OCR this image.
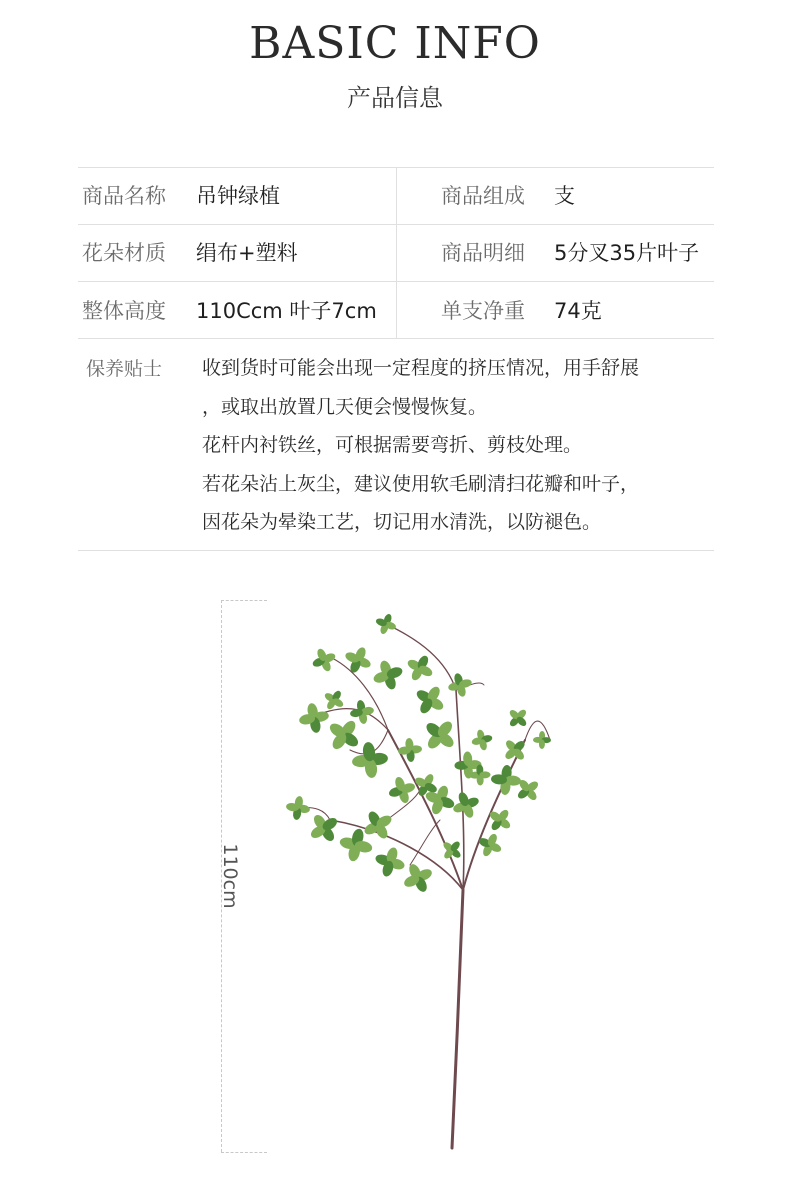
BASIC INFO
产品信息
商品名称 吊钟绿植	商品组成 支
花朵材质 绢布+塑料	商品明细 5分叉35片叶子
整体高度 110Ccm 叶子7cm	单支净重 74克
保养贴士 收到货时可能会出现一定程度的挤压情况，用手舒展
，或取出放置几天便会慢慢恢复。
花杆内衬铁丝，可根据需要弯折、剪枝处理。
若花朵沾上灰尘，建议使用软毛刷清扫花瓣和叶子，
因花朵为晕染工艺，切记用水清洗，以防褪色。
110cm
